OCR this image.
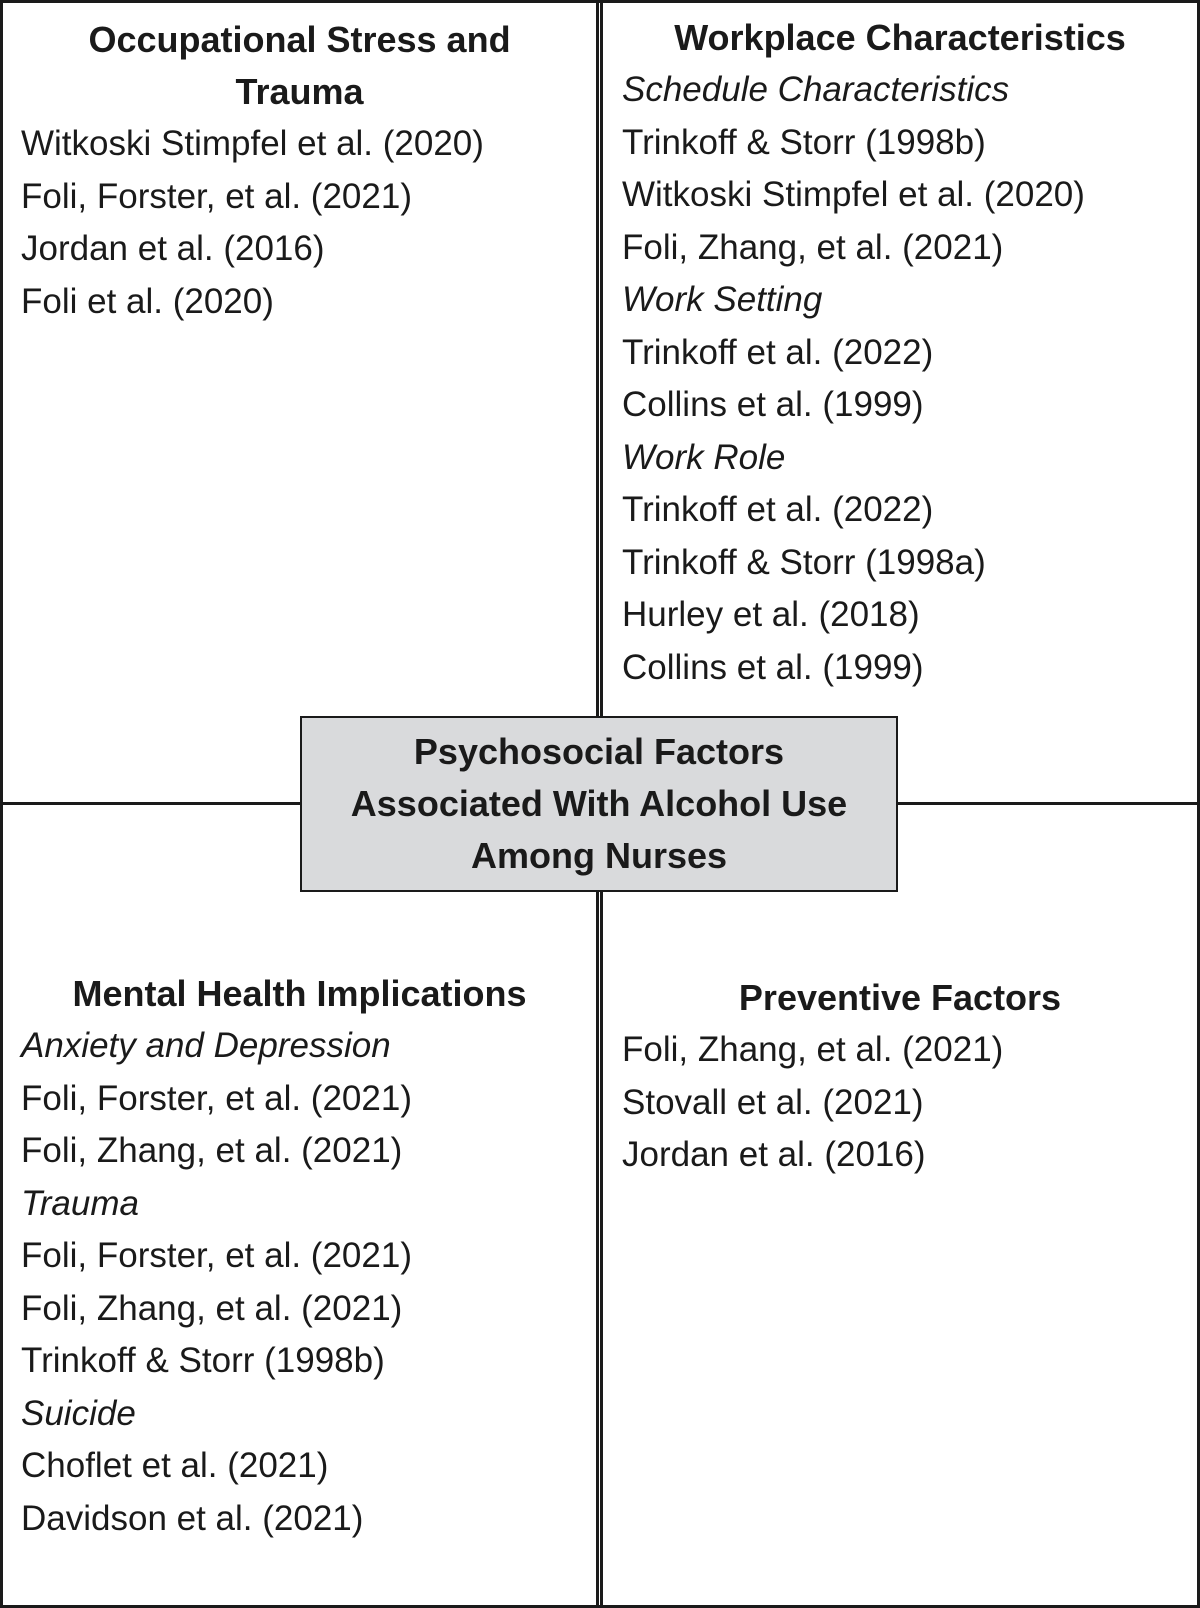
Occupational Stress and

Trauma

Witkoski Stimpfel et al. (2020)

Foli, Forster, et al. (2021)

Jordan et al. (2016)

Foli et al. (2020)

Workplace Characteristics

Schedule Characteristics

Trinkoff & Storr (1998b)

Witkoski Stimpfel et al. (2020)

Foli, Zhang, et al. (2021)

Work Setting

Trinkoff et al. (2022)

Collins et al. (1999)

Work Role

Trinkoff et al. (2022)

Trinkoff & Storr (1998a)

Hurley et al. (2018)

Collins et al. (1999)

Mental Health Implications

Anxiety and Depression

Foli, Forster, et al. (2021)

Foli, Zhang, et al. (2021)

Trauma

Foli, Forster, et al. (2021)

Foli, Zhang, et al. (2021)

Trinkoff & Storr (1998b)

Suicide

Choflet et al. (2021)

Davidson et al. (2021)

Preventive Factors

Foli, Zhang, et al. (2021)

Stovall et al. (2021)

Jordan et al. (2016)

Psychosocial Factors

Associated With Alcohol Use

Among Nurses
